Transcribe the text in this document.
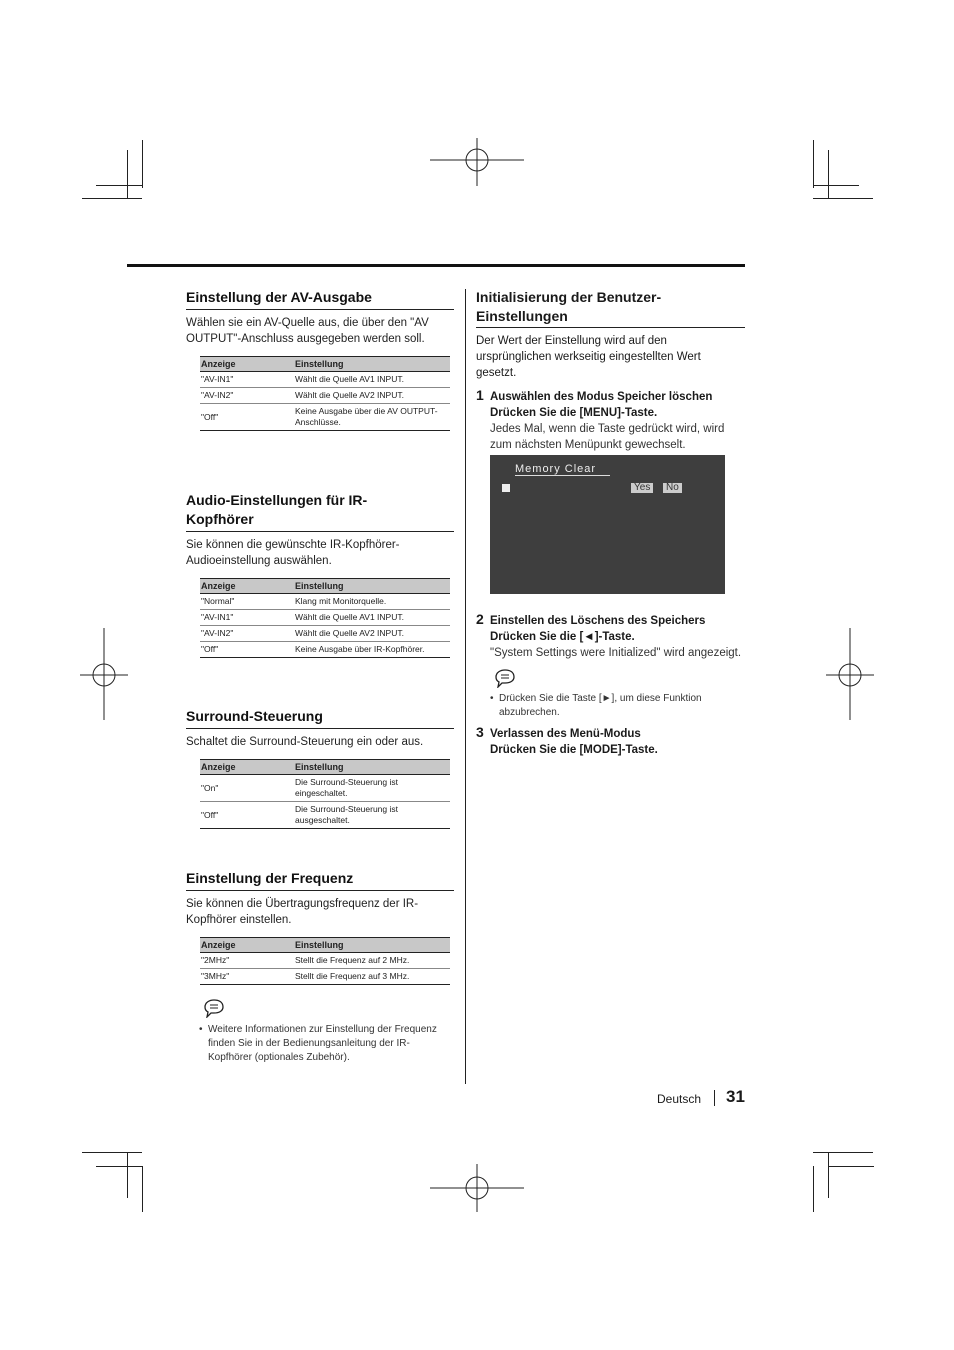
Einstellung der AV-Ausgabe

Wählen sie ein AV-Quelle aus, die über den "AV OUTPUT"-Anschluss ausgegeben werden soll.

Anzeige	Einstellung
"AV-IN1"	Wählt die Quelle AV1 INPUT.
"AV-IN2"	Wählt die Quelle AV2 INPUT.
"Off"	Keine Ausgabe über die AV OUTPUT-Anschlüsse.
Audio-Einstellungen für IR-Kopfhörer

Sie können die gewünschte IR-Kopfhörer-Audioeinstellung auswählen.

Anzeige	Einstellung
"Normal"	Klang mit Monitorquelle.
"AV-IN1"	Wählt die Quelle AV1 INPUT.
"AV-IN2"	Wählt die Quelle AV2 INPUT.
"Off"	Keine Ausgabe über IR-Kopfhörer.
Surround-Steuerung

Schaltet die Surround-Steuerung ein oder aus.

Anzeige	Einstellung
"On"	Die Surround-Steuerung ist eingeschaltet.
"Off"	Die Surround-Steuerung ist ausgeschaltet.
Einstellung der Frequenz

Sie können die Übertragungsfrequenz der IR-Kopfhörer einstellen.

Anzeige	Einstellung
"2MHz"	Stellt die Frequenz auf 2 MHz.
"3MHz"	Stellt die Frequenz auf 3 MHz.
• Weitere Informationen zur Einstellung der Frequenz finden Sie in der Bedienungsanleitung der IR-Kopfhörer (optionales Zubehör).
Initialisierung der Benutzer-Einstellungen

Der Wert der Einstellung wird auf den ursprünglichen werkseitig eingestellten Wert gesetzt.

1 Auswählen des Modus Speicher löschen
Drücken Sie die [MENU]-Taste.
Jedes Mal, wenn die Taste gedrückt wird, wird zum nächsten Menüpunkt gewechselt.
Memory Clear
Yes	No
2 Einstellen des Löschens des Speichers
Drücken Sie die [◄]-Taste.
"System Settings were Initialized" wird angezeigt.
• Drücken Sie die Taste [►], um diese Funktion abzubrechen.
3 Verlassen des Menü-Modus
Drücken Sie die [MODE]-Taste.
Deutsch 31
